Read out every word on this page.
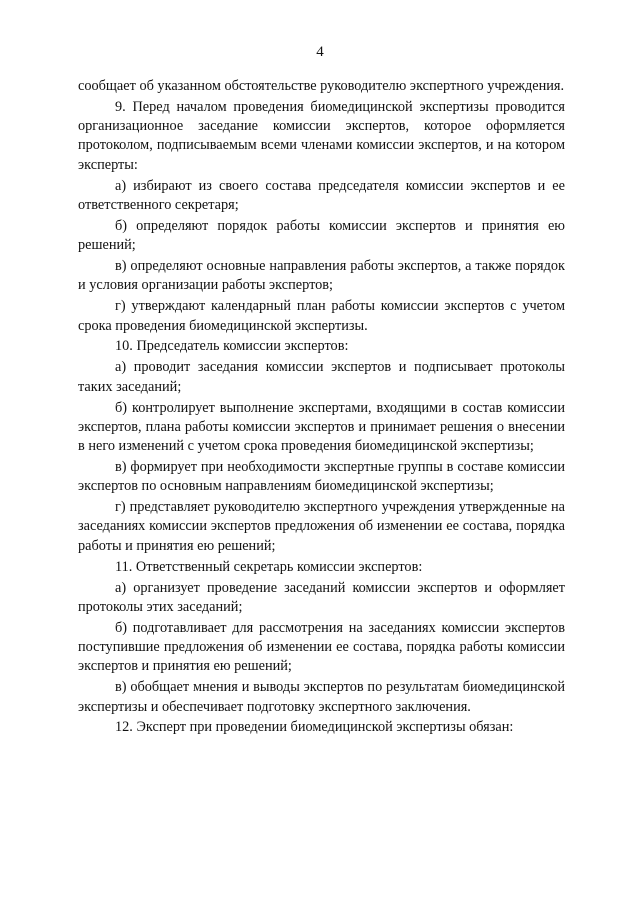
4

сообщает об указанном обстоятельстве руководителю экспертного учреждения.

9. Перед началом проведения биомедицинской экспертизы проводится организационное заседание комиссии экспертов, которое оформляется протоколом, подписываемым всеми членами комиссии экспертов, и на котором эксперты:

а) избирают из своего состава председателя комиссии экспертов и ее ответственного секретаря;

б) определяют порядок работы комиссии экспертов и принятия ею решений;

в) определяют основные направления работы экспертов, а также порядок и условия организации работы экспертов;

г) утверждают календарный план работы комиссии экспертов с учетом срока проведения биомедицинской экспертизы.

10. Председатель комиссии экспертов:

а) проводит заседания комиссии экспертов и подписывает протоколы таких заседаний;

б) контролирует выполнение экспертами, входящими в состав комиссии экспертов, плана работы комиссии экспертов и принимает решения о внесении в него изменений с учетом срока проведения биомедицинской экспертизы;

в) формирует при необходимости экспертные группы в составе комиссии экспертов по основным направлениям биомедицинской экспертизы;

г) представляет руководителю экспертного учреждения утвержденные на заседаниях комиссии экспертов предложения об изменении ее состава, порядка работы и принятия ею решений;

11. Ответственный секретарь комиссии экспертов:

а) организует проведение заседаний комиссии экспертов и оформляет протоколы этих заседаний;

б) подготавливает для рассмотрения на заседаниях комиссии экспертов поступившие предложения об изменении ее состава, порядка работы комиссии экспертов и принятия ею решений;

в) обобщает мнения и выводы экспертов по результатам биомедицинской экспертизы и обеспечивает подготовку экспертного заключения.

12. Эксперт при проведении биомедицинской экспертизы обязан:
